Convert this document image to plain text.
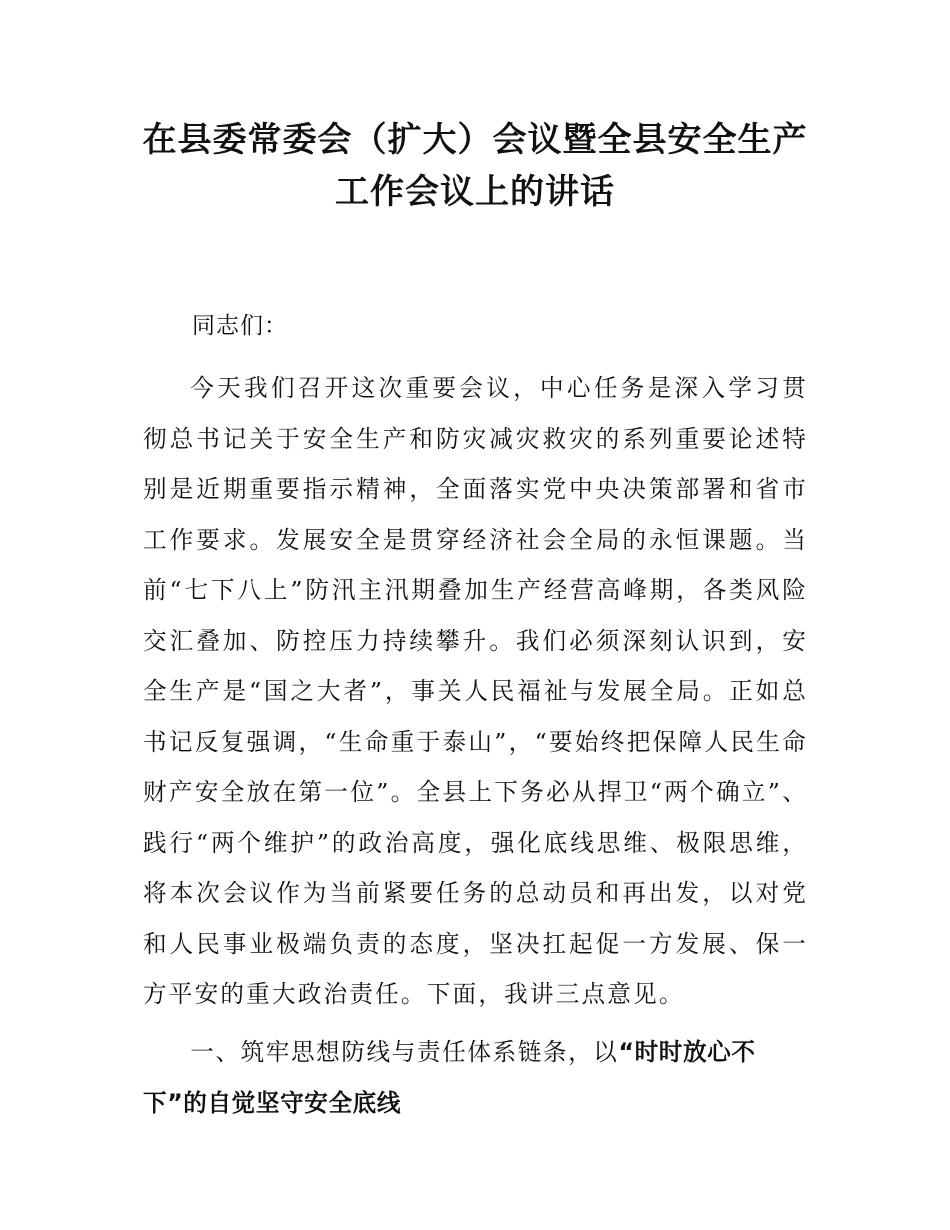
在县委常委会（扩大）会议暨全县安全生产
工作会议上的讲话

同志们：

今天我们召开这次重要会议，中心任务是深入学习贯彻总书记关于安全生产和防灾减灾救灾的系列重要论述特别是近期重要指示精神，全面落实党中央决策部署和省市工作要求。发展安全是贯穿经济社会全局的永恒课题。当前“七下八上”防汛主汛期叠加生产经营高峰期，各类风险交汇叠加、防控压力持续攀升。我们必须深刻认识到，安全生产是“国之大者”，事关人民福祉与发展全局。正如总书记反复强调，“生命重于泰山”，“要始终把保障人民生命财产安全放在第一位”。全县上下务必从捍卫“两个确立”、践行“两个维护”的政治高度，强化底线思维、极限思维，将本次会议作为当前紧要任务的总动员和再出发，以对党和人民事业极端负责的态度，坚决扛起促一方发展、保一方平安的重大政治责任。下面，我讲三点意见。

一、筑牢思想防线与责任体系链条，以“时时放心不下”的自觉坚守安全底线
